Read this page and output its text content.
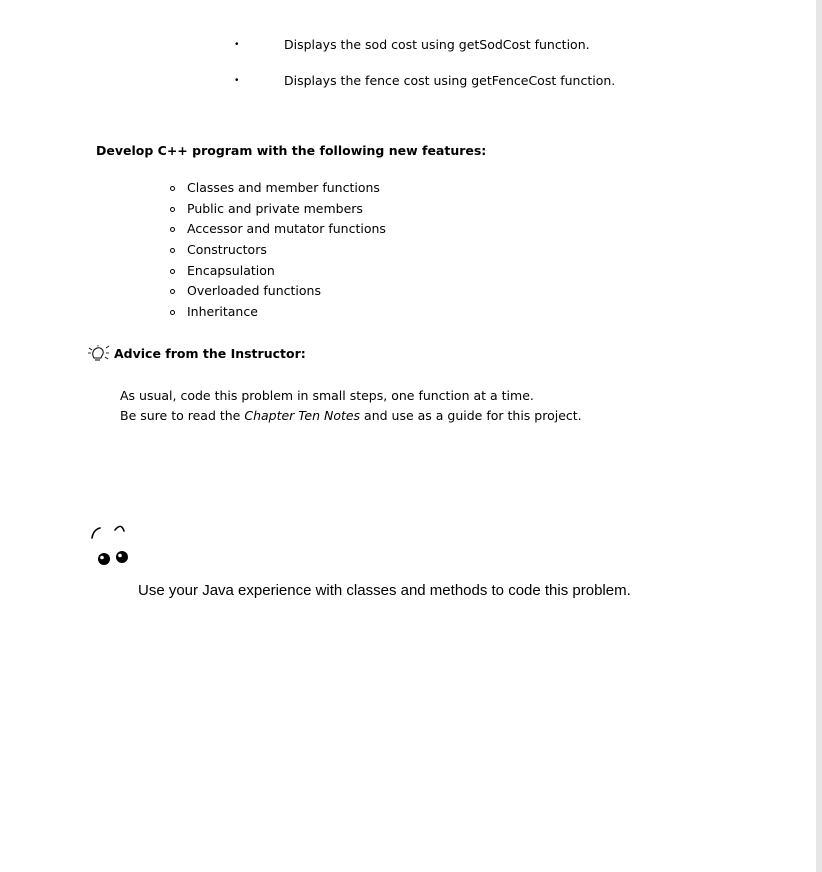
•	Displays the sod cost using getSodCost function.
•	Displays the fence cost using getFenceCost function.
Develop C++ program with the following new features:
Classes and member functions
Public and private members
Accessor and mutator functions
Constructors
Encapsulation
Overloaded functions
Inheritance
Advice from the Instructor:
As usual, code this problem in small steps, one function at a time.
Be sure to read the Chapter Ten Notes and use as a guide for this project.
Use your Java experience with classes and methods to code this problem.
